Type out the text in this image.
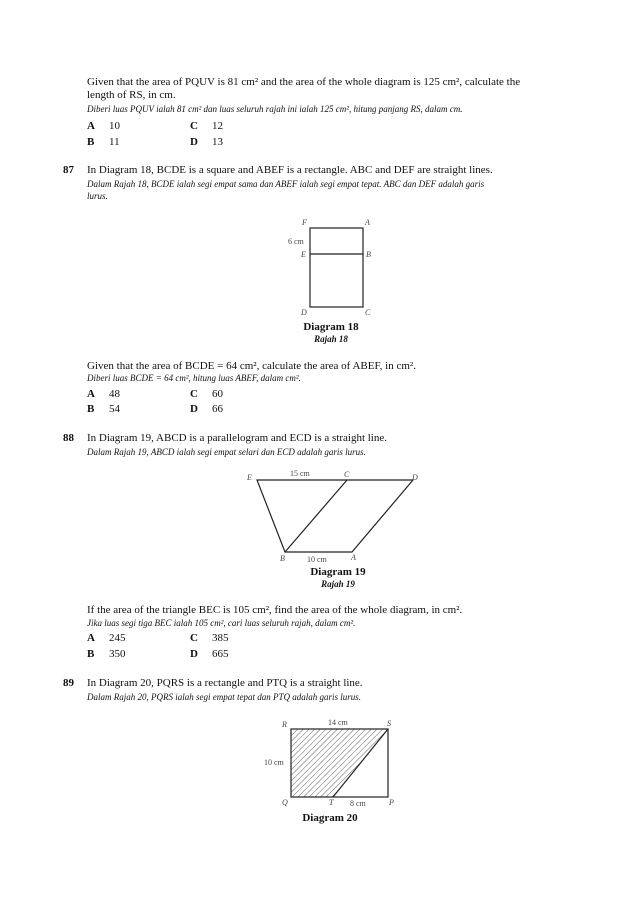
Given that the area of PQUV is 81 cm² and the area of the whole diagram is 125 cm², calculate the
length of RS, in cm.
Diberi luas PQUV ialah 81 cm² dan luas seluruh rajah ini ialah 125 cm², hitung panjang RS, dalam cm.
A 10	C 12
B 11	D 13
87 In Diagram 18, BCDE is a square and ABEF is a rectangle. ABC and DEF are straight lines.
Dalam Rajah 18, BCDE ialah segi empat sama dan ABEF ialah segi empat tepat. ABC dan DEF adalah garis
lurus.
F	A
E	B
D	C
6 cm
Diagram 18
Rajah 18
Given that the area of BCDE = 64 cm², calculate the area of ABEF, in cm².
Diberi luas BCDE = 64 cm², hitung luas ABEF, dalam cm².
A 48	C 60
B 54	D 66
88 In Diagram 19, ABCD is a parallelogram and ECD is a straight line.
Dalam Rajah 19, ABCD ialah segi empat selari dan ECD adalah garis lurus.
E	C	D
B	A
15 cm
10 cm
Diagram 19
Rajah 19
If the area of the triangle BEC is 105 cm², find the area of the whole diagram, in cm².
Jika luas segi tiga BEC ialah 105 cm², cari luas seluruh rajah, dalam cm².
A 245	C 385
B 350	D 665
89 In Diagram 20, PQRS is a rectangle and PTQ is a straight line.
Dalam Rajah 20, PQRS ialah segi empat tepat dan PTQ adalah garis lurus.
R	S
Q	T	P
14 cm
10 cm
8 cm
Diagram 20
